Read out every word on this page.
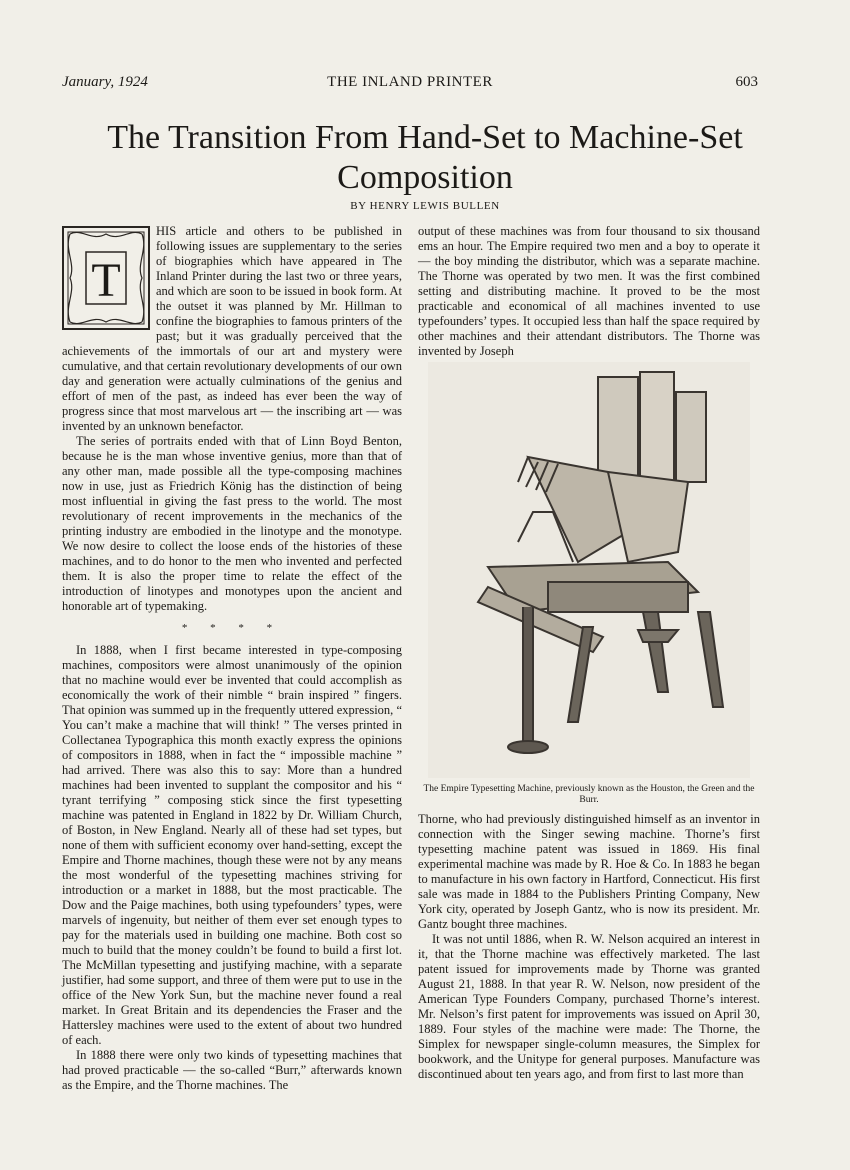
January, 1924	THE INLAND PRINTER	603
The Transition From Hand-Set to Machine-Set Composition
BY HENRY LEWIS BULLEN
T

HIS article and others to be published in following issues are supplementary to the series of biographies which have appeared in The Inland Printer during the last two or three years, and which are soon to be issued in book form. At the outset it was planned by Mr. Hillman to confine the biographies to famous printers of the past; but it was gradually perceived that the achievements of the immortals of our art and mystery were cumulative, and that certain revolutionary developments of our own day and generation were actually culminations of the genius and effort of men of the past, as indeed has ever been the way of progress since that most marvelous art — the inscribing art — was invented by an unknown benefactor.

The series of portraits ended with that of Linn Boyd Benton, because he is the man whose inventive genius, more than that of any other man, made possible all the type-composing machines now in use, just as Friedrich König has the distinction of being most influential in giving the fast press to the world. The most revolutionary of recent improvements in the mechanics of the printing industry are embodied in the linotype and the monotype. We now desire to collect the loose ends of the histories of these machines, and to do honor to the men who invented and perfected them. It is also the proper time to relate the effect of the introduction of linotypes and monotypes upon the ancient and honorable art of typemaking.

* * * *

In 1888, when I first became interested in type-composing machines, compositors were almost unanimously of the opinion that no machine would ever be invented that could accomplish as economically the work of their nimble “ brain inspired ” fingers. That opinion was summed up in the frequently uttered expression, “ You can’t make a machine that will think! ” The verses printed in Collectanea Typographica this month exactly express the opinions of compositors in 1888, when in fact the “ impossible machine ” had arrived. There was also this to say: More than a hundred machines had been invented to supplant the compositor and his “ tyrant terrifying ” composing stick since the first typesetting machine was patented in England in 1822 by Dr. William Church, of Boston, in New England. Nearly all of these had set types, but none of them with sufficient economy over hand-setting, except the Empire and Thorne machines, though these were not by any means the most wonderful of the typesetting machines striving for introduction or a market in 1888, but the most practicable. The Dow and the Paige machines, both using typefounders’ types, were marvels of ingenuity, but neither of them ever set enough types to pay for the materials used in building one machine. Both cost so much to build that the money couldn’t be found to build a first lot. The McMillan typesetting and justifying machine, with a separate justifier, had some support, and three of them were put to use in the office of the New York Sun, but the machine never found a real market. In Great Britain and its dependencies the Fraser and the Hattersley machines were used to the extent of about two hundred of each.

In 1888 there were only two kinds of typesetting machines that had proved practicable — the so-called “Burr,” afterwards known as the Empire, and the Thorne machines. The

output of these machines was from four thousand to six thousand ems an hour. The Empire required two men and a boy to operate it — the boy minding the distributor, which was a separate machine. The Thorne was operated by two men. It was the first combined setting and distributing machine. It proved to be the most practicable and economical of all machines invented to use typefounders’ types. It occupied less than half the space required by other machines and their attendant distributors. The Thorne was invented by Joseph

The Empire Typesetting Machine, previously known as the Houston, the Green and the Burr.

Thorne, who had previously distinguished himself as an inventor in connection with the Singer sewing machine. Thorne’s first typesetting machine patent was issued in 1869. His final experimental machine was made by R. Hoe & Co. In 1883 he began to manufacture in his own factory in Hartford, Connecticut. His first sale was made in 1884 to the Publishers Printing Company, New York city, operated by Joseph Gantz, who is now its president. Mr. Gantz bought three machines.

It was not until 1886, when R. W. Nelson acquired an interest in it, that the Thorne machine was effectively marketed. The last patent issued for improvements made by Thorne was granted August 21, 1888. In that year R. W. Nelson, now president of the American Type Founders Company, purchased Thorne’s interest. Mr. Nelson’s first patent for improvements was issued on April 30, 1889. Four styles of the machine were made: The Thorne, the Simplex for newspaper single-column measures, the Simplex for bookwork, and the Unitype for general purposes. Manufacture was discontinued about ten years ago, and from first to last more than
